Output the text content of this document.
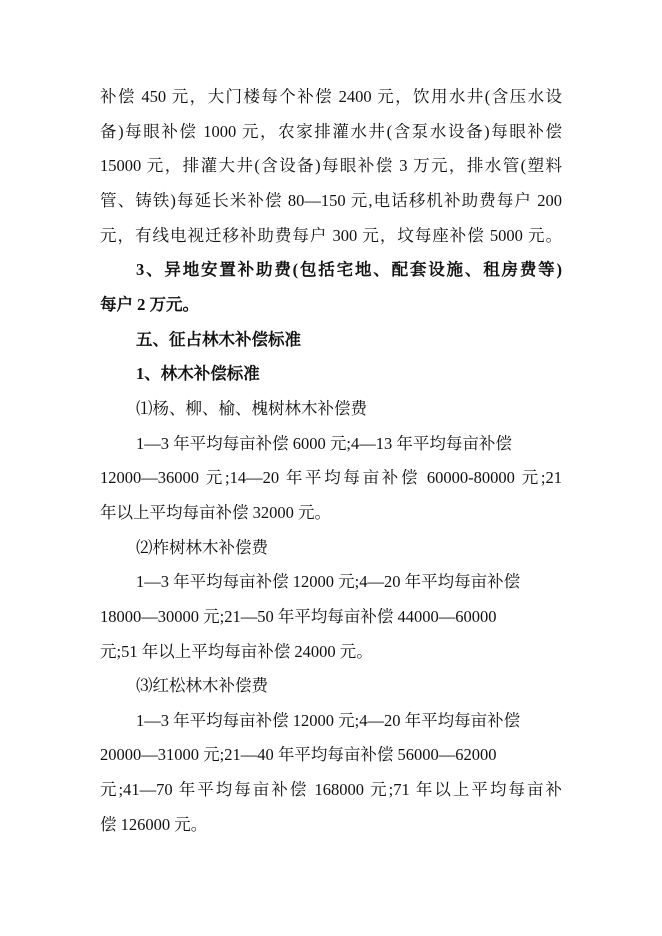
补偿 450 元，大门楼每个补偿 2400 元，饮用水井(含压水设
备)每眼补偿 1000 元，农家排灌水井(含泵水设备)每眼补偿
15000 元，排灌大井(含设备)每眼补偿 3 万元，排水管(塑料
管、铸铁)每延长米补偿 80—150 元,电话移机补助费每户 200
元，有线电视迁移补助费每户 300 元，坟每座补偿 5000 元。
3、异地安置补助费(包括宅地、配套设施、租房费等)
每户 2 万元。
五、征占林木补偿标准
1、林木补偿标准
⑴杨、柳、榆、槐树林木补偿费
1—3 年平均每亩补偿 6000 元;4—13 年平均每亩补偿
12000—36000 元;14—20 年平均每亩补偿 60000-80000 元;21
年以上平均每亩补偿 32000 元。
⑵柞树林木补偿费
1—3 年平均每亩补偿 12000 元;4—20 年平均每亩补偿
18000—30000 元;21—50 年平均每亩补偿 44000—60000
元;51 年以上平均每亩补偿 24000 元。
⑶红松林木补偿费
1—3 年平均每亩补偿 12000 元;4—20 年平均每亩补偿
20000—31000 元;21—40 年平均每亩补偿 56000—62000
元;41—70 年平均每亩补偿 168000 元;71 年以上平均每亩补
偿 126000 元。
